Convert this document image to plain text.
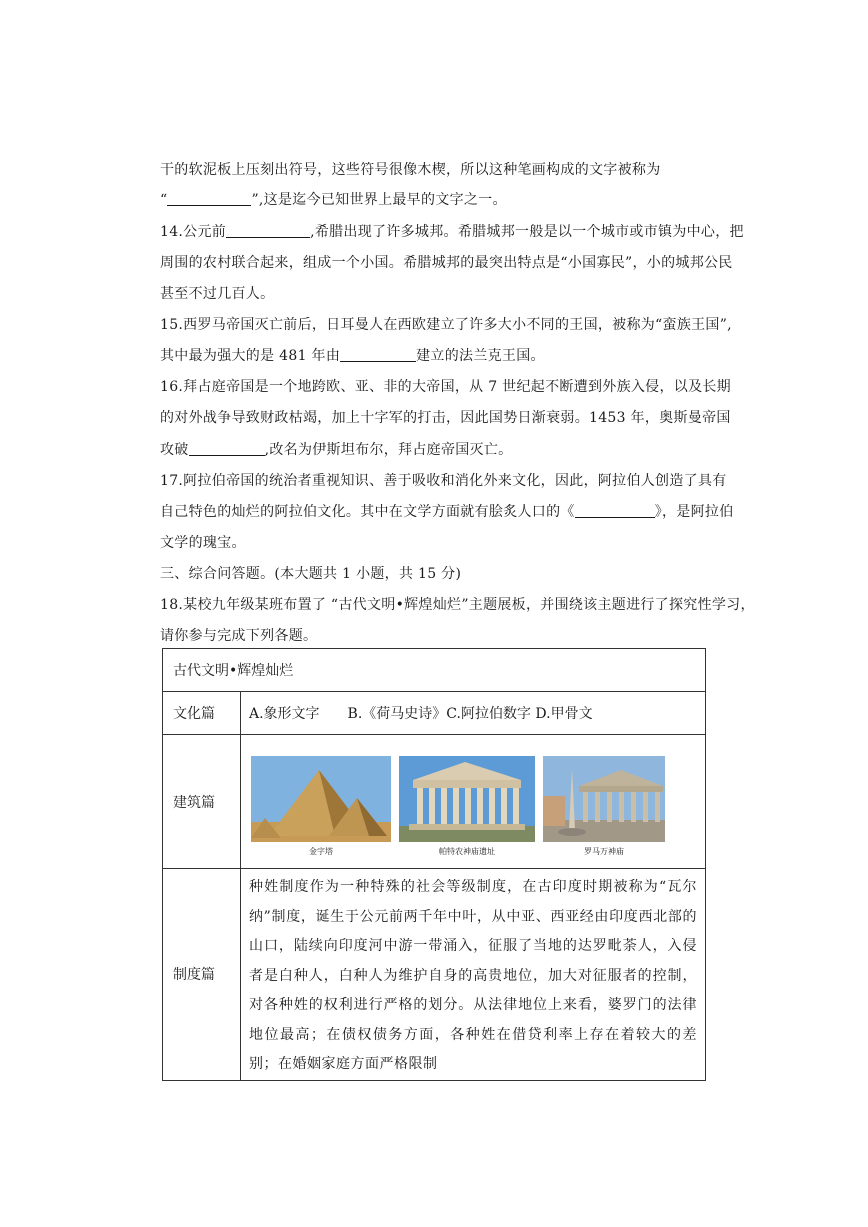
干的软泥板上压刻出符号，这些符号很像木楔，所以这种笔画构成的文字被称为
“	”,这是迄今已知世界上最早的文字之一。
14.公元前	,希腊出现了许多城邦。希腊城邦一般是以一个城市或市镇为中心，把
周围的农村联合起来，组成一个小国。希腊城邦的最突出特点是“小国寡民”，小的城邦公民
甚至不过几百人。
15.西罗马帝国灭亡前后，日耳曼人在西欧建立了许多大小不同的王国，被称为“蛮族王国”,
其中最为强大的是 481 年由	建立的法兰克王国。
16.拜占庭帝国是一个地跨欧、亚、非的大帝国，从 7 世纪起不断遭到外族入侵，以及长期
的对外战争导致财政枯竭，加上十字军的打击，因此国势日渐衰弱。1453 年，奥斯曼帝国
攻破	,改名为伊斯坦布尔，拜占庭帝国灭亡。
17.阿拉伯帝国的统治者重视知识、善于吸收和消化外来文化，因此，阿拉伯人创造了具有
自己特色的灿烂的阿拉伯文化。其中在文学方面就有脍炙人口的《	》，是阿拉伯
文学的瑰宝。
三、综合问答题。(本大题共 1 小题，共 15 分)
18.某校九年级某班布置了 “古代文明•辉煌灿烂”主题展板，并围绕该主题进行了探究性学习，
请你参与完成下列各题。
古代文明•辉煌灿烂	
文化篇	A.象形文字　　B.《荷马史诗》C.阿拉伯数字 D.甲骨文
建筑篇	金字塔 帕特农神庙遗址 罗马万神庙

制度篇	种姓制度作为一种特殊的社会等级制度，在古印度时期被称为“瓦尔纳”制度，诞生于公元前两千年中叶，从中亚、西亚经由印度西北部的山口，陆续向印度河中游一带涌入，征服了当地的达罗毗荼人，入侵者是白种人，白种人为维护自身的高贵地位，加大对征服者的控制，对各种姓的权利进行严格的划分。从法律地位上来看，婆罗门的法律地位最高；在债权债务方面，各种姓在借贷利率上存在着较大的差别；在婚姻家庭方面严格限制
